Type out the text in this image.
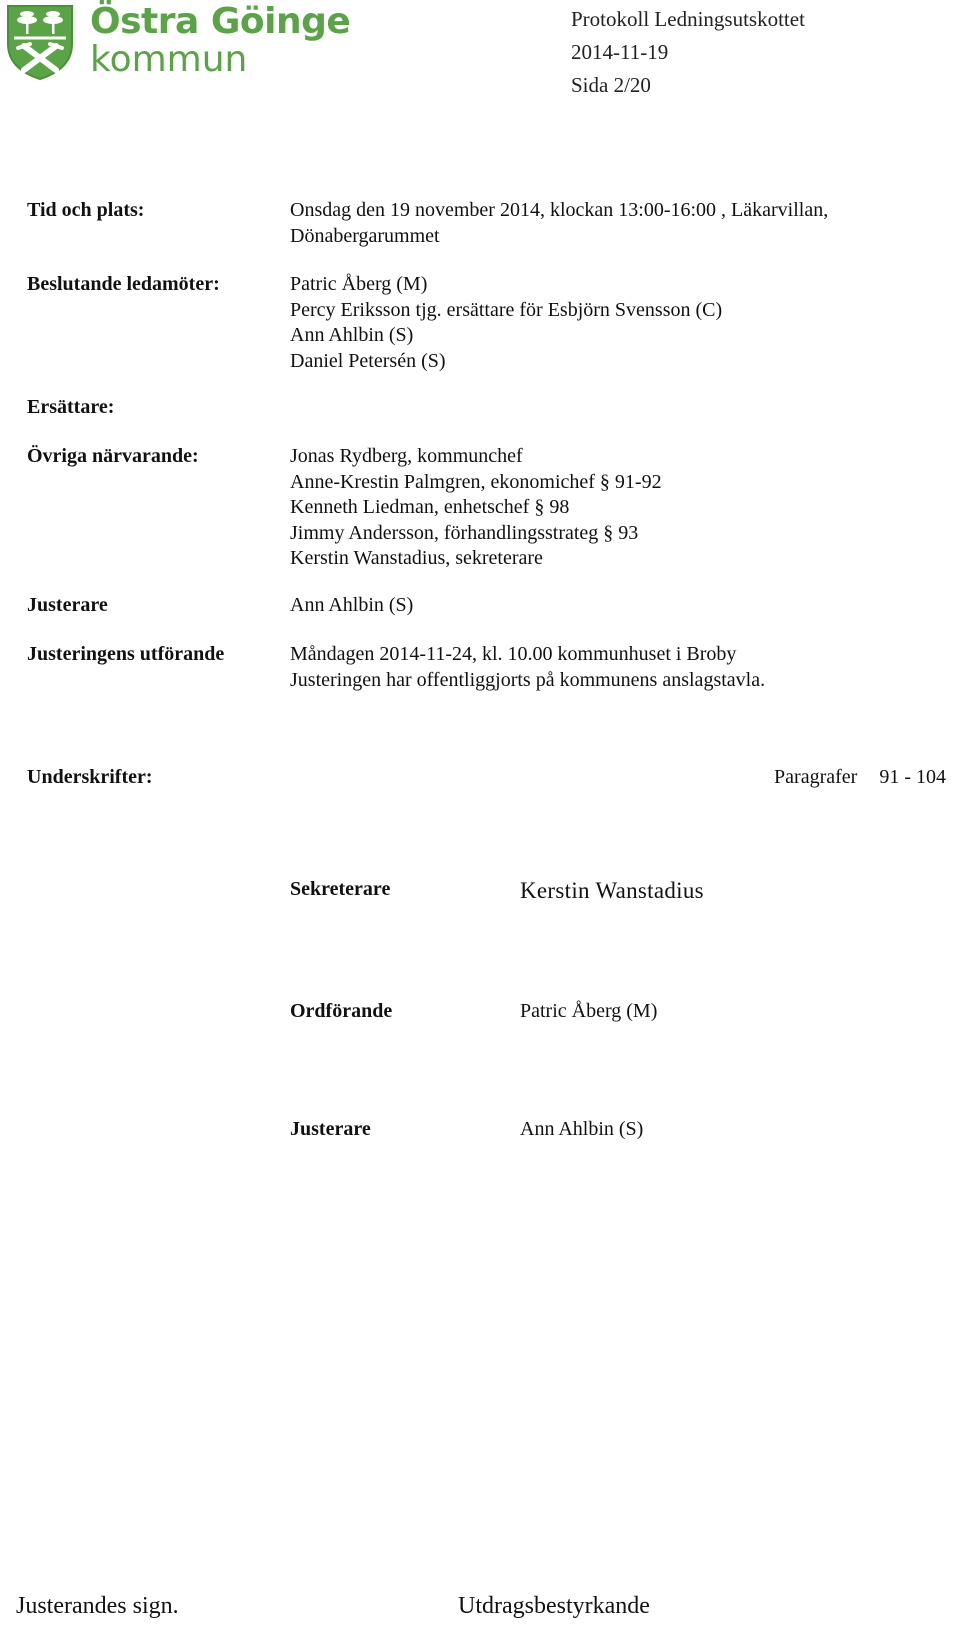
Östra Göinge
kommun
Protokoll Ledningsutskottet
2014-11-19
Sida 2/20
Tid och plats:	Onsdag den 19 november 2014, klockan 13:00-16:00 , Läkarvillan,
Dönabergarummet
Beslutande ledamöter:	Patric Åberg (M)
Percy Eriksson tjg. ersättare för Esbjörn Svensson (C)
Ann Ahlbin (S)
Daniel Petersén (S)
Ersättare:
Övriga närvarande:	Jonas Rydberg, kommunchef
Anne-Krestin Palmgren, ekonomichef § 91-92
Kenneth Liedman, enhetschef § 98
Jimmy Andersson, förhandlingsstrateg § 93
Kerstin Wanstadius, sekreterare
Justerare	Ann Ahlbin (S)
Justeringens utförande	Måndagen 2014-11-24, kl. 10.00 kommunhuset i Broby
Justeringen har offentliggjorts på kommunens anslagstavla.
Underskrifter:	Paragrafer 91 - 104
Sekreterare	Kerstin Wanstadius
Ordförande	Patric Åberg (M)
Justerare	Ann Ahlbin (S)
Justerandes sign.	Utdragsbestyrkande
